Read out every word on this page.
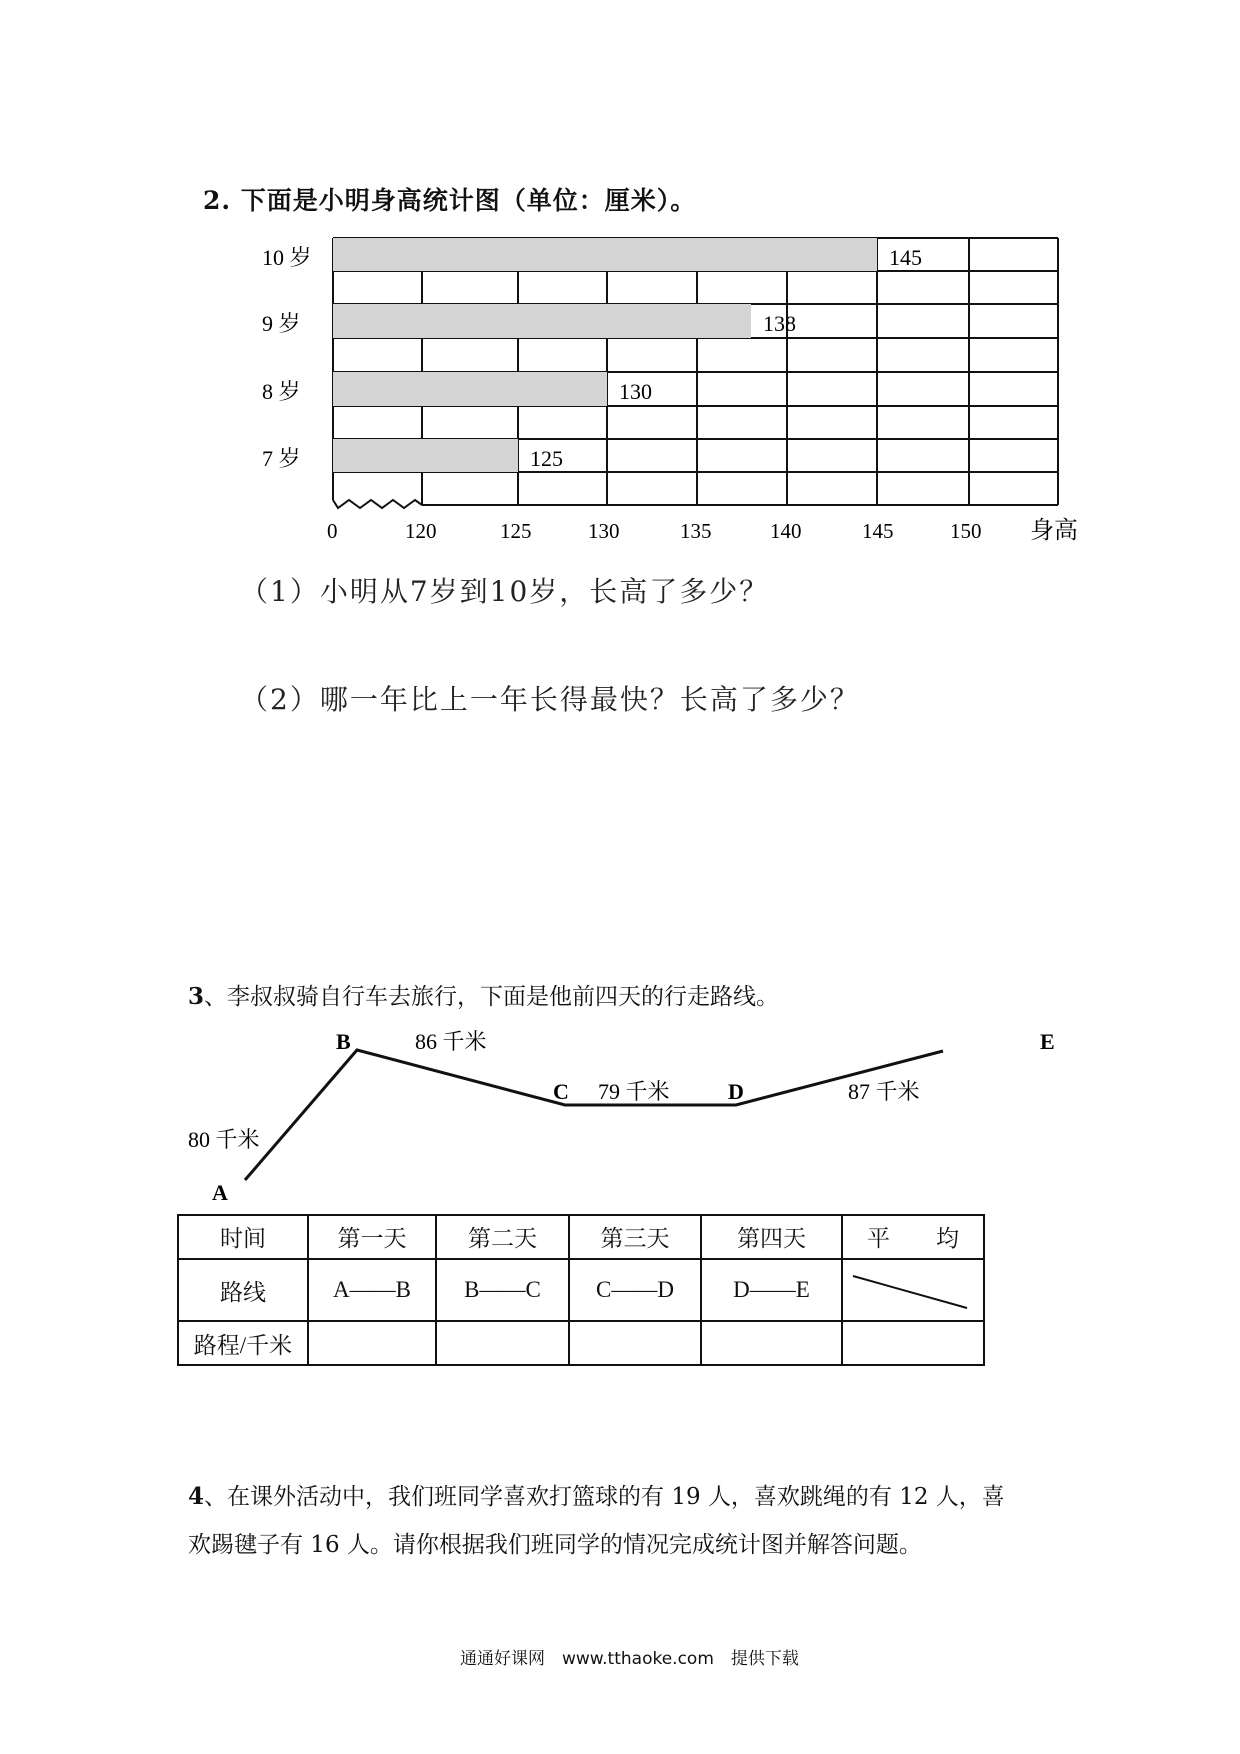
2. 下面是小明身高统计图（单位：厘米）。
145
138
130
125
0	120	125	130	135	140	145	150 身高
10 岁
9 岁
8 岁
7 岁
（1）小明从7岁到10岁，长高了多少？
（2）哪一年比上一年长得最快？长高了多少？
3、李叔叔骑自行车去旅行，下面是他前四天的行走路线。
A
B
C	D
E
80 千米
86 千米
79 千米	87 千米
时间	第一天	第二天	第三天	第四天	平　　均
路线	A——B	B——C	C——D	D——E	

路程/千米					
4、在课外活动中，我们班同学喜欢打篮球的有 19 人，喜欢跳绳的有 12 人，喜
欢踢毽子有 16 人。请你根据我们班同学的情况完成统计图并解答问题。
通通好课网　www.tthaoke.com　提供下载
